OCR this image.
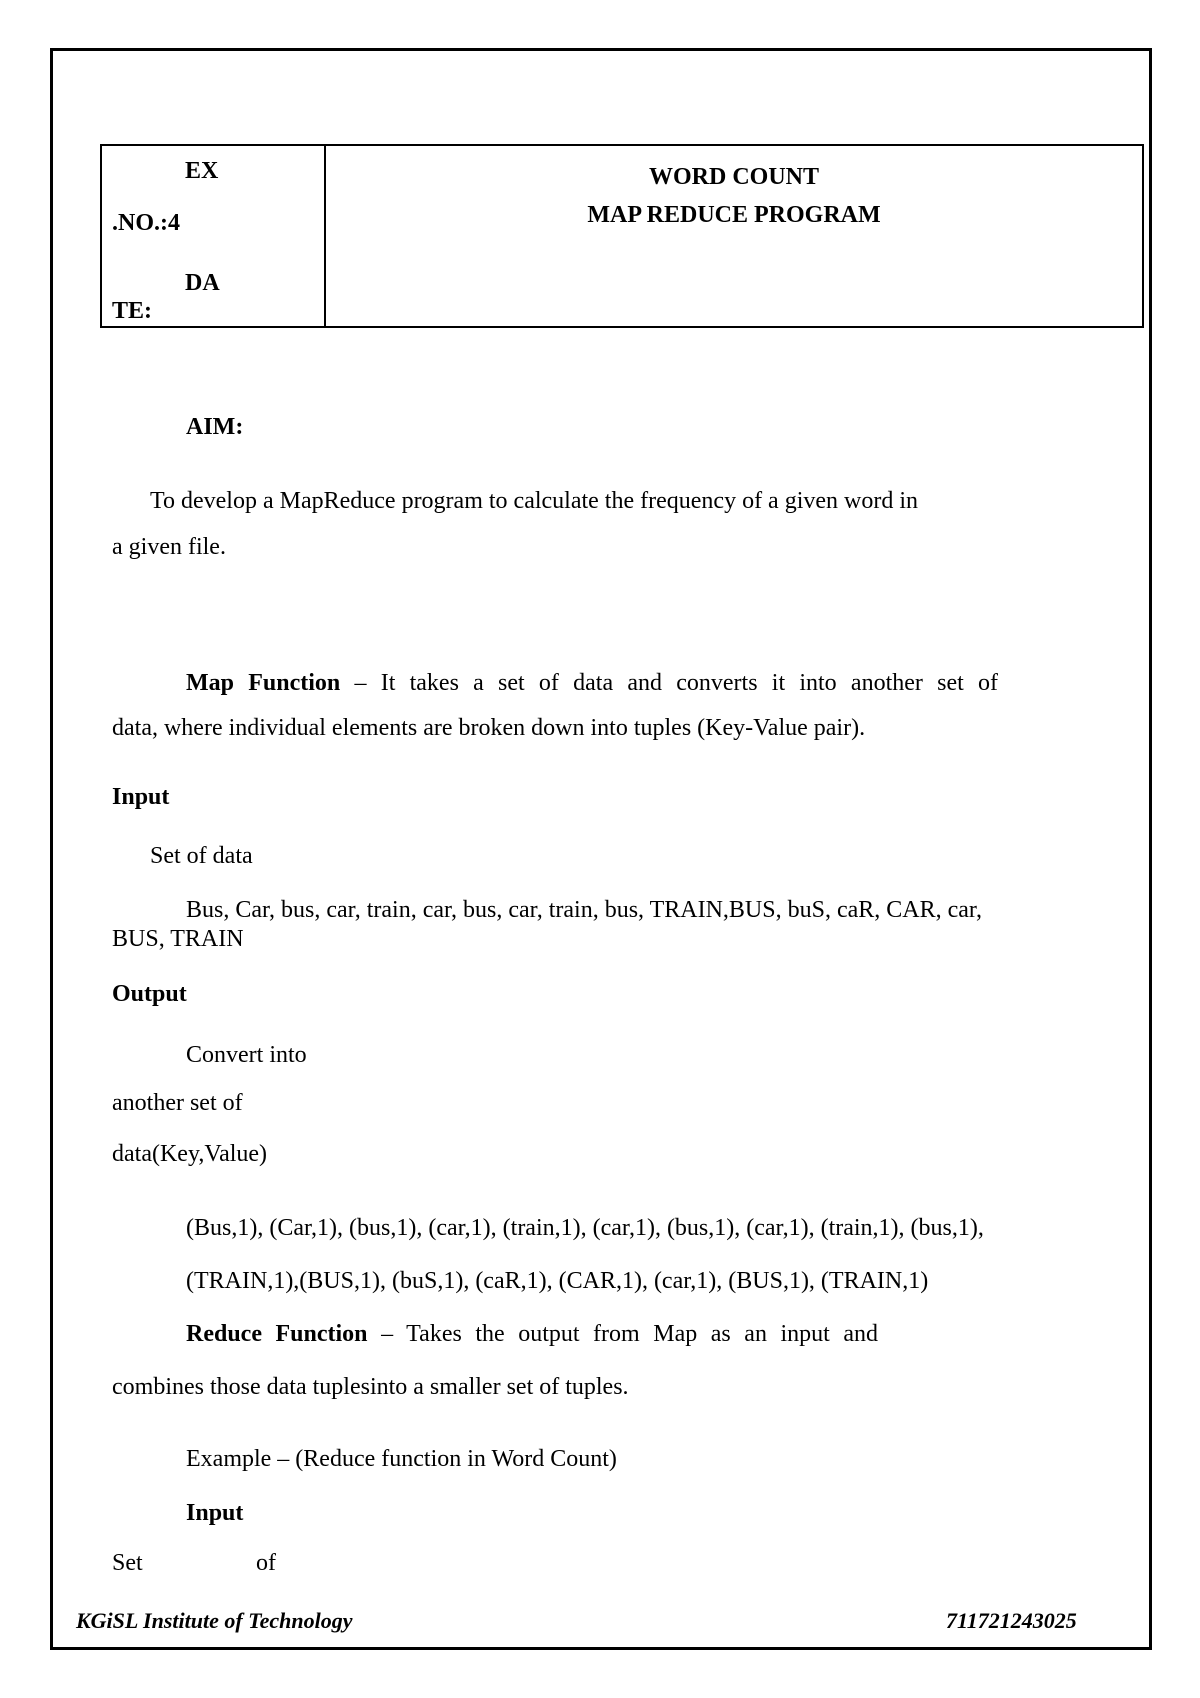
EX
.NO.:4
DA
TE:
WORD COUNT
MAP REDUCE PROGRAM
AIM:
To develop a MapReduce program to calculate the frequency of a given word in
a given file.
Map Function – It takes a set of data and converts it into another set of
data, where individual elements are broken down into tuples (Key-Value pair).
Input
Set of data
Bus, Car, bus, car, train, car, bus, car, train, bus, TRAIN,BUS, buS, caR, CAR, car,
BUS, TRAIN
Output
Convert into
another set of
data(Key,Value)
(Bus,1), (Car,1), (bus,1), (car,1), (train,1), (car,1), (bus,1), (car,1), (train,1), (bus,1),
(TRAIN,1),(BUS,1), (buS,1), (caR,1), (CAR,1), (car,1), (BUS,1), (TRAIN,1)
Reduce Function – Takes the output from Map as an input and
combines those data tuplesinto a smaller set of tuples.
Example – (Reduce function in Word Count)
Input
Set	of
KGiSL Institute of Technology	711721243025
